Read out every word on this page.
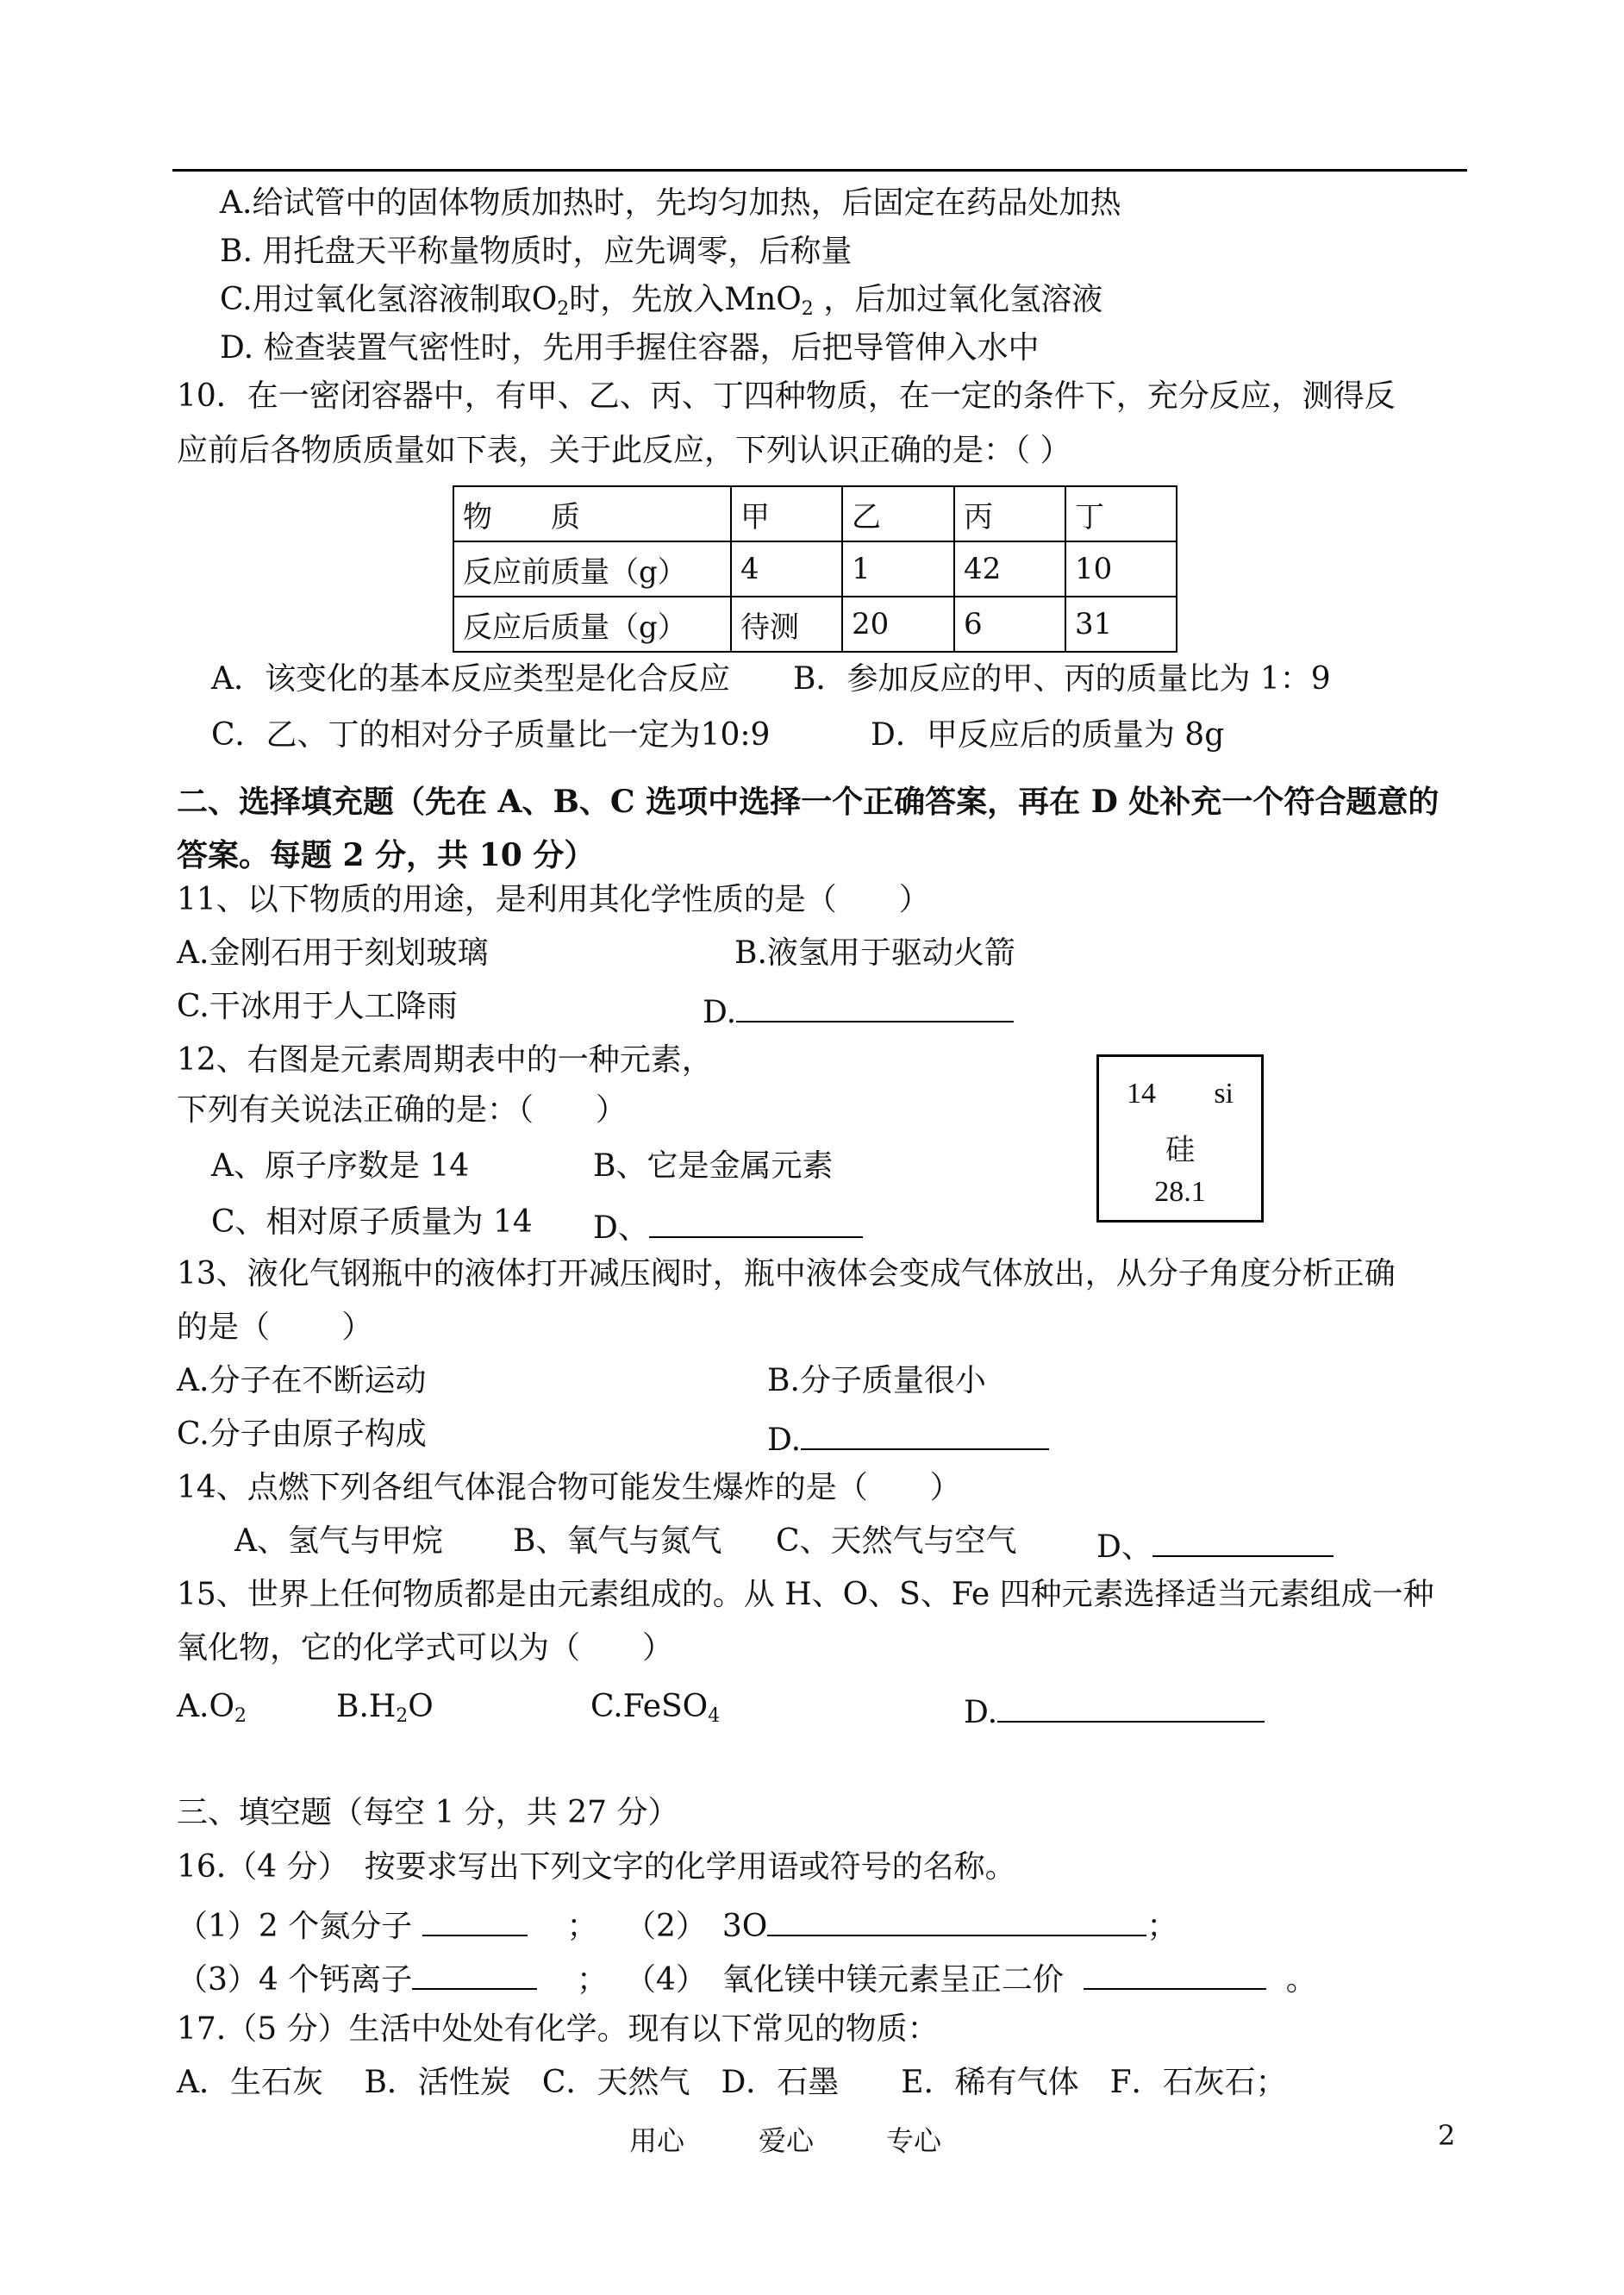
A.给试管中的固体物质加热时，先均匀加热，后固定在药品处加热
B. 用托盘天平称量物质时，应先调零，后称量
C.用过氧化氢溶液制取$O_2$时，先放入MnO$_2$ ，后加过氧化氢溶液
D. 检查装置气密性时，先用手握住容器，后把导管伸入水中
10．在一密闭容器中，有甲、乙、丙、丁四种物质，在一定的条件下，充分反应，测得反
应前后各物质质量如下表，关于此反应，下列认识正确的是：（ ）
物　　质	甲	乙	丙	丁
反应前质量（g）	4	1	42	10
反应后质量（g）	待测	20	6	31
A．该变化的基本反应类型是化合反应 B．参加反应的甲、丙的质量比为 1：9
C．乙、丁的相对分子质量比一定为10:9	D．甲反应后的质量为 8g
二、选择填充题（先在 A、B、C 选项中选择一个正确答案，再在 D 处补充一个符合题意的
答案。每题 2 分，共 10 分）
11、以下物质的用途，是利用其化学性质的是（　　）
A.金刚石用于刻划玻璃	B.液氢用于驱动火箭
C.干冰用于人工降雨	D.
12、右图是元素周期表中的一种元素，
下列有关说法正确的是：（　　）
A、原子序数是 14	B、它是金属元素
C、相对原子质量为 14 D、
14 si
硅
28.1
13、液化气钢瓶中的液体打开减压阀时，瓶中液体会变成气体放出，从分子角度分析正确
的是（　　 ）
A.分子在不断运动	B.分子质量很小
C.分子由原子构成	D.
14、点燃下列各组气体混合物可能发生爆炸的是（　　）
A、氢气与甲烷 B、氧气与氮气 C、天然气与空气	D、
15、世界上任何物质都是由元素组成的。从 H、O、S、Fe 四种元素选择适当元素组成一种
氧化物，它的化学式可以为（　　）
$A.O_2$	$B.H_2O$	C.FeSO$_4$	D.
三、填空题（每空 1 分，共 27 分）
16.（4 分）　按要求写出下列文字的化学用语或符号的名称。
（1）2 个氮分子	； （2）　3O	；
（3）4 个钙离子	； （4）　氧化镁中镁元素呈正二价	。
17.（5 分）生活中处处有化学。现有以下常见的物质：
A．生石灰　 B．活性炭　C．天然气　D．石墨　　E．稀有气体　F．石灰石；
用心	爱心	专心	2
